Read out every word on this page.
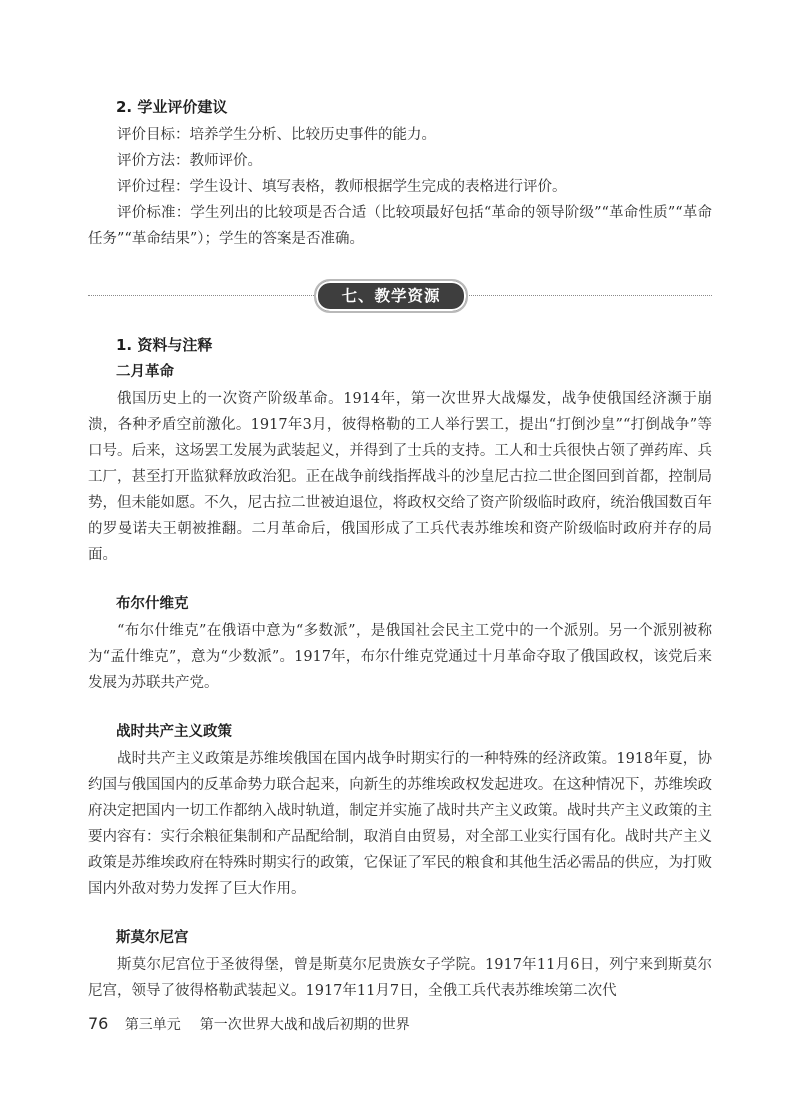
2. 学业评价建议

评价目标：培养学生分析、比较历史事件的能力。

评价方法：教师评价。

评价过程：学生设计、填写表格，教师根据学生完成的表格进行评价。

评价标准：学生列出的比较项是否合适（比较项最好包括“革命的领导阶级”“革命性质”“革命任务”“革命结果”）；学生的答案是否准确。

七、教学资源
1. 资料与注释
二月革命

俄国历史上的一次资产阶级革命。1914年，第一次世界大战爆发，战争使俄国经济濒于崩溃，各种矛盾空前激化。1917年3月，彼得格勒的工人举行罢工，提出“打倒沙皇”“打倒战争”等口号。后来，这场罢工发展为武装起义，并得到了士兵的支持。工人和士兵很快占领了弹药库、兵工厂，甚至打开监狱释放政治犯。正在战争前线指挥战斗的沙皇尼古拉二世企图回到首都，控制局势，但未能如愿。不久，尼古拉二世被迫退位，将政权交给了资产阶级临时政府，统治俄国数百年的罗曼诺夫王朝被推翻。二月革命后，俄国形成了工兵代表苏维埃和资产阶级临时政府并存的局面。

布尔什维克

“布尔什维克”在俄语中意为“多数派”，是俄国社会民主工党中的一个派别。另一个派别被称为“孟什维克”，意为“少数派”。1917年，布尔什维克党通过十月革命夺取了俄国政权，该党后来发展为苏联共产党。

战时共产主义政策

战时共产主义政策是苏维埃俄国在国内战争时期实行的一种特殊的经济政策。1918年夏，协约国与俄国国内的反革命势力联合起来，向新生的苏维埃政权发起进攻。在这种情况下，苏维埃政府决定把国内一切工作都纳入战时轨道，制定并实施了战时共产主义政策。战时共产主义政策的主要内容有：实行余粮征集制和产品配给制，取消自由贸易，对全部工业实行国有化。战时共产主义政策是苏维埃政府在特殊时期实行的政策，它保证了军民的粮食和其他生活必需品的供应，为打败国内外敌对势力发挥了巨大作用。

斯莫尔尼宫

斯莫尔尼宫位于圣彼得堡，曾是斯莫尔尼贵族女子学院。1917年11月6日，列宁来到斯莫尔尼宫，领导了彼得格勒武装起义。1917年11月7日，全俄工兵代表苏维埃第二次代

76 第三单元 第一次世界大战和战后初期的世界
